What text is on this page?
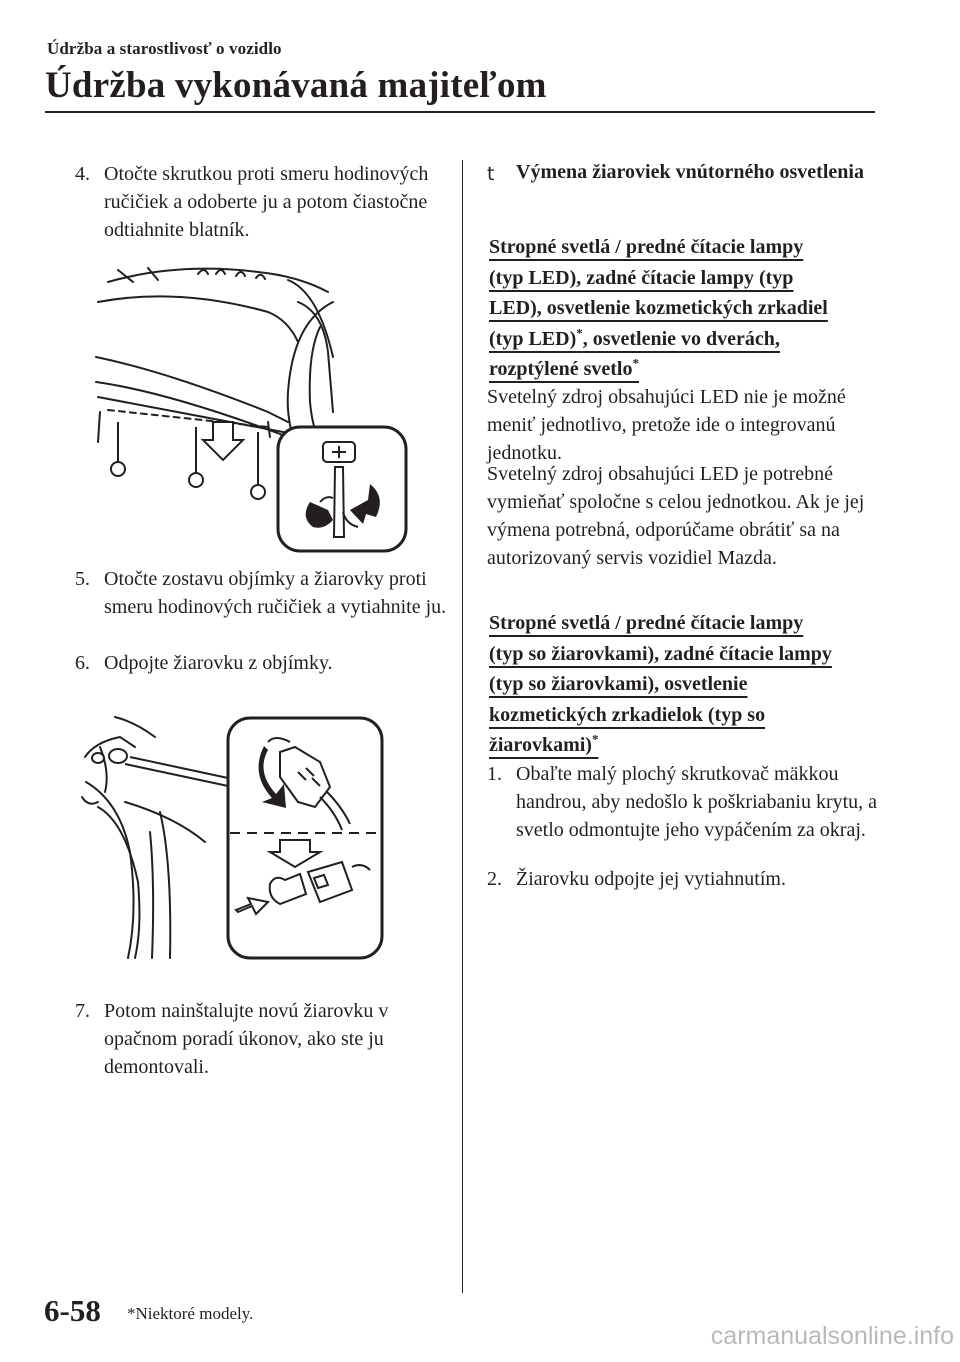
Údržba a starostlivosť o vozidlo
Údržba vykonávaná majiteľom
4. Otočte skrutkou proti smeru hodinových ručičiek a odoberte ju a potom čiastočne odtiahnite blatník.
5. Otočte zostavu objímky a žiarovky proti smeru hodinových ručičiek a vytiahnite ju.
6. Odpojte žiarovku z objímky.
7. Potom nainštalujte novú žiarovku v opačnom poradí úkonov, ako ste ju demontovali.
t	Výmena žiaroviek vnútorného osvetlenia
Stropné svetlá / predné čítacie lampy
(typ LED), zadné čítacie lampy (typ
LED), osvetlenie kozmetických zrkadiel
(typ LED)*, osvetlenie vo dverách,
rozptýlené svetlo*
Svetelný zdroj obsahujúci LED nie je možné meniť jednotlivo, pretože ide o integrovanú jednotku.
Svetelný zdroj obsahujúci LED je potrebné vymieňať spoločne s celou jednotkou. Ak je jej výmena potrebná, odporúčame obrátiť sa na autorizovaný servis vozidiel Mazda.
Stropné svetlá / predné čítacie lampy
(typ so žiarovkami), zadné čítacie lampy
(typ so žiarovkami), osvetlenie
kozmetických zrkadielok (typ so
žiarovkami)*
1. Obaľte malý plochý skrutkovač mäkkou handrou, aby nedošlo k poškriabaniu krytu, a svetlo odmontujte jeho vypáčením za okraj.
2. Žiarovku odpojte jej vytiahnutím.
6-58 *Niektoré modely.
carmanualsonline.info
